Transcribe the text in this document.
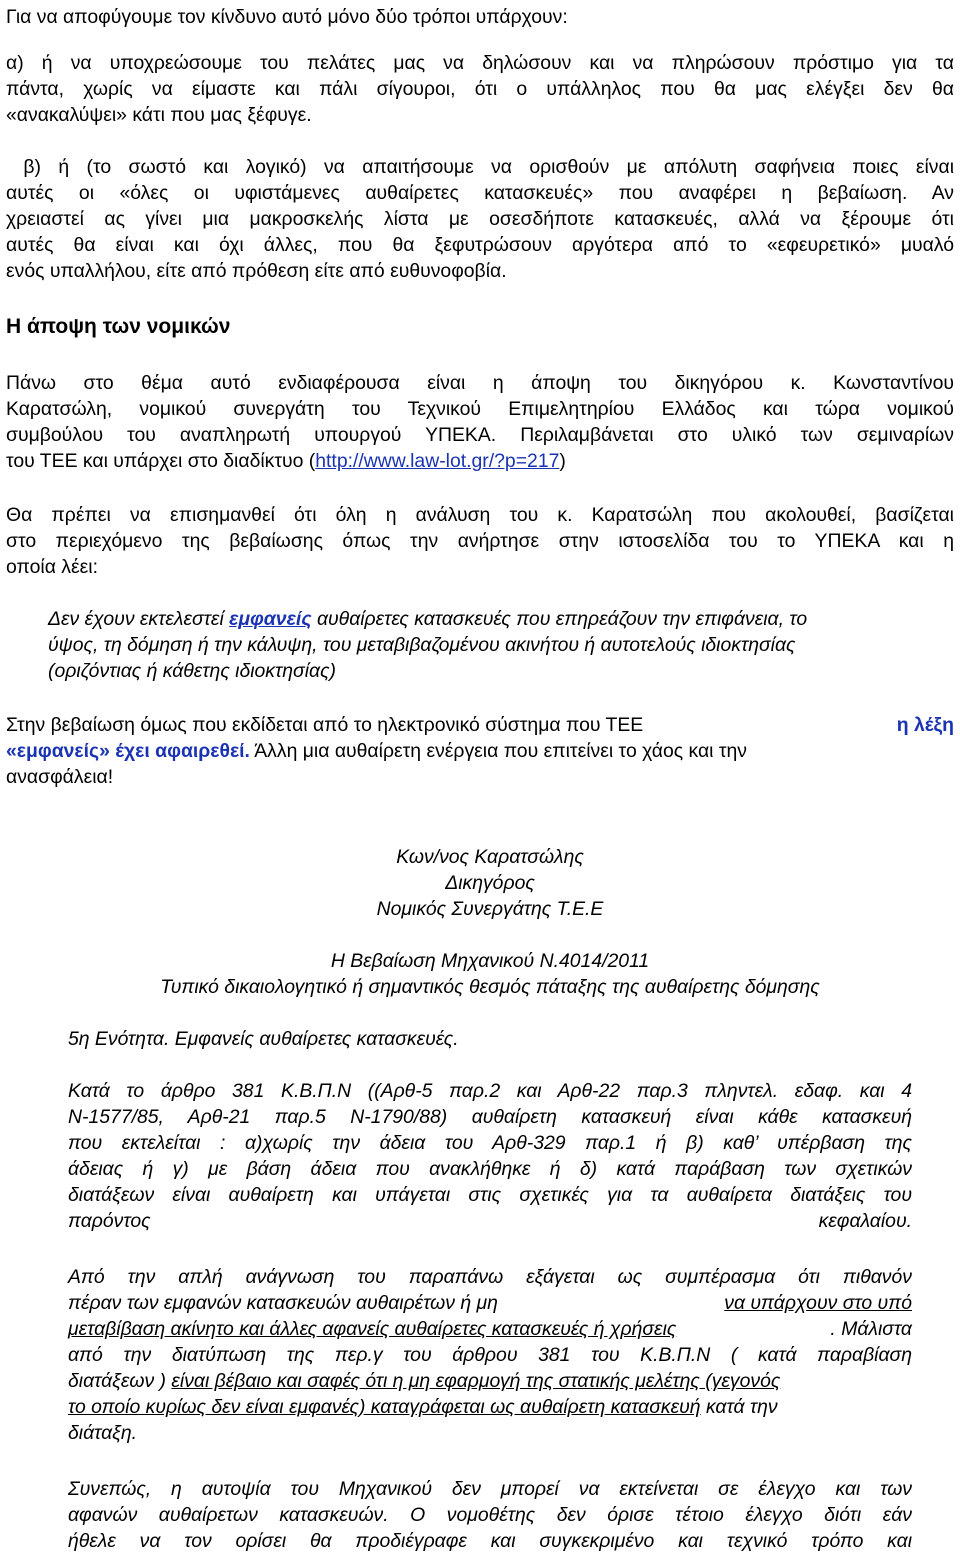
Για να αποφύγουμε τον κίνδυνο αυτό μόνο δύο τρόποι υπάρχουν:
α) ή να υποχρεώσουμε του πελάτες μας να δηλώσουν και να πληρώσουν πρόστιμο για τα
πάντα, χωρίς να είμαστε και πάλι σίγουροι, ότι ο υπάλληλος που θα μας ελέγξει δεν θα
«ανακαλύψει» κάτι που μας ξέφυγε.
β) ή (το σωστό και λογικό) να απαιτήσουμε να ορισθούν με απόλυτη σαφήνεια ποιες είναι
αυτές οι «όλες οι υφιστάμενες αυθαίρετες κατασκευές» που αναφέρει η βεβαίωση. Αν
χρειαστεί ας γίνει μια μακροσκελής λίστα με οσεσδήποτε κατασκευές, αλλά να ξέρουμε ότι
αυτές θα είναι και όχι άλλες, που θα ξεφυτρώσουν αργότερα από το «εφευρετικό» μυαλό
ενός υπαλλήλου, είτε από πρόθεση είτε από ευθυνοφοβία.
Η άποψη των νομικών
Πάνω στο θέμα αυτό ενδιαφέρουσα είναι η άποψη του δικηγόρου κ. Κωνσταντίνου
Καρατσώλη, νομικού συνεργάτη του Τεχνικού Επιμελητηρίου Ελλάδος και τώρα νομικού
συμβούλου του αναπληρωτή υπουργού ΥΠΕΚΑ. Περιλαμβάνεται στο υλικό των σεμιναρίων
του ΤΕΕ και υπάρχει στο διαδίκτυο (http://www.law-lot.gr/?p=217)
Θα πρέπει να επισημανθεί ότι όλη η ανάλυση του κ. Καρατσώλη που ακολουθεί, βασίζεται
στο περιεχόμενο της βεβαίωσης όπως την ανήρτησε στην ιστοσελίδα του το ΥΠΕΚΑ και η
οποία λέει:
Δεν έχουν εκτελεστεί εμφανείς αυθαίρετες κατασκευές που επηρεάζουν την επιφάνεια, το
ύψος, τη δόμηση ή την κάλυψη, του μεταβιβαζομένου ακινήτου ή αυτοτελούς ιδιοκτησίας
(οριζόντιας ή κάθετης ιδιοκτησίας)
Στην βεβαίωση όμως που εκδίδεται από το ηλεκτρονικό σύστημα που ΤΕΕ	η λέξη
«εμφανείς» έχει αφαιρεθεί. Άλλη μια αυθαίρετη ενέργεια που επιτείνει το χάος και την
ανασφάλεια!
Κων/νος Καρατσώλης
Δικηγόρος
Νομικός Συνεργάτης Τ.Ε.Ε
Η Βεβαίωση Μηχανικού Ν.4014/2011
Τυπικό δικαιολογητικό ή σημαντικός θεσμός πάταξης της αυθαίρετης δόμησης
5η Ενότητα. Εμφανείς αυθαίρετες κατασκευές.
Κατά το άρθρο 381 Κ.Β.Π.Ν ((Αρθ-5 παρ.2 και Αρθ-22 παρ.3 πληντελ. εδαφ. και 4
Ν-1577/85, Αρθ-21 παρ.5 Ν-1790/88) αυθαίρετη κατασκευή είναι κάθε κατασκευή
που εκτελείται : α)χωρίς την άδεια του Αρθ-329 παρ.1 ή β) καθ’ υπέρβαση της
άδειας ή γ) με βάση άδεια που ανακλήθηκε ή δ) κατά παράβαση των σχετικών
διατάξεων είναι αυθαίρετη και υπάγεται στις σχετικές για τα αυθαίρετα διατάξεις του
παρόντος	κεφαλαίου.
Από την απλή ανάγνωση του παραπάνω εξάγεται ως συμπέρασμα ότι πιθανόν
πέραν των εμφανών κατασκευών αυθαιρέτων ή μη	να υπάρχουν στο υπό
μεταβίβαση ακίνητο και άλλες αφανείς αυθαίρετες κατασκευές ή χρήσεις	. Μάλιστα
από την διατύπωση της περ.γ του άρθρου 381 του Κ.Β.Π.Ν ( κατά παραβίαση
διατάξεων ) είναι βέβαιο και σαφές ότι η μη εφαρμογή της στατικής μελέτης (γεγονός
το οποίο κυρίως δεν είναι εμφανές) καταγράφεται ως αυθαίρετη κατασκευή κατά την
διάταξη.
Συνεπώς, η αυτοψία του Μηχανικού δεν μπορεί να εκτείνεται σε έλεγχο και των
αφανών αυθαίρετων κατασκευών. Ο νομοθέτης δεν όρισε τέτοιο έλεγχο διότι εάν
ήθελε να τον ορίσει θα προδιέγραφε και συγκεκριμένο και τεχνικό τρόπο και
